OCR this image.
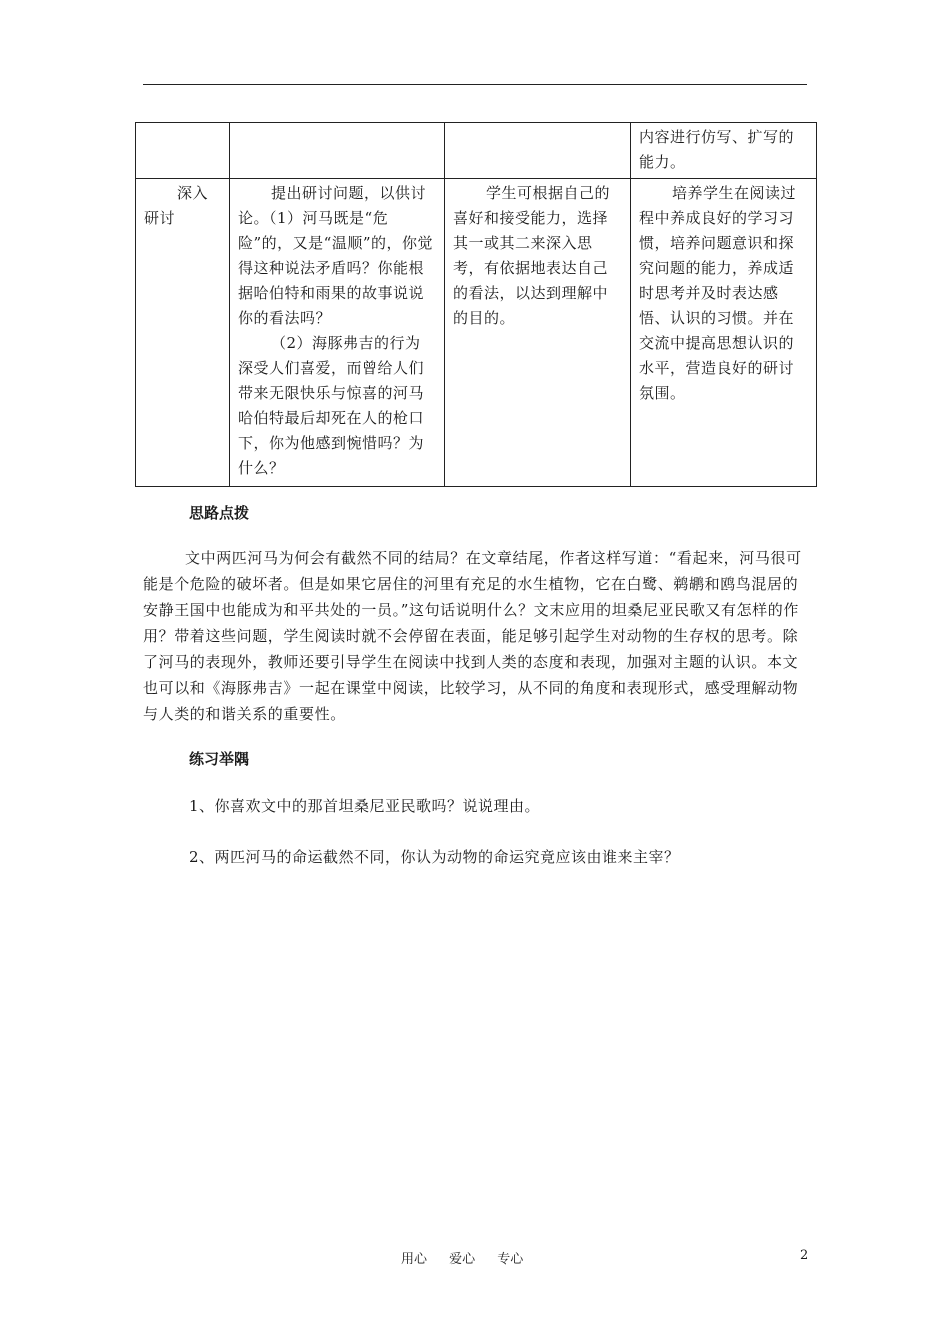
			内容进行仿写、扩写的
能力。

深入研讨	提出研讨问题，以供讨论。（1）河马既是“危险”的，又是“温顺”的，你觉得这种说法矛盾吗？你能根据哈伯特和雨果的故事说说你的看法吗？
（2）海豚弗吉的行为深受人们喜爱，而曾给人们带来无限快乐与惊喜的河马哈伯特最后却死在人的枪口下，你为他感到惋惜吗？为什么？	学生可根据自己的喜好和接受能力，选择其一或其二来深入思考，有依据地表达自己的看法，以达到理解中的目的。	培养学生在阅读过程中养成良好的学习习惯，培养问题意识和探究问题的能力，养成适时思考并及时表达感悟、认识的习惯。并在交流中提高思想认识的水平，营造良好的研讨氛围。
思路点拨
文中两匹河马为何会有截然不同的结局？在文章结尾，作者这样写道：“看起来，河马很可能是个危险的破坏者。但是如果它居住的河里有充足的水生植物，它在白鹭、鹈鹕和鸥鸟混居的安静王国中也能成为和平共处的一员。”这句话说明什么？文末应用的坦桑尼亚民歌又有怎样的作用？带着这些问题，学生阅读时就不会停留在表面，能足够引起学生对动物的生存权的思考。除了河马的表现外，教师还要引导学生在阅读中找到人类的态度和表现，加强对主题的认识。本文也可以和《海豚弗吉》一起在课堂中阅读，比较学习，从不同的角度和表现形式，感受理解动物与人类的和谐关系的重要性。
练习举隅
1、你喜欢文中的那首坦桑尼亚民歌吗？说说理由。
2、两匹河马的命运截然不同，你认为动物的命运究竟应该由谁来主宰？
用心 爱心 专心	2
